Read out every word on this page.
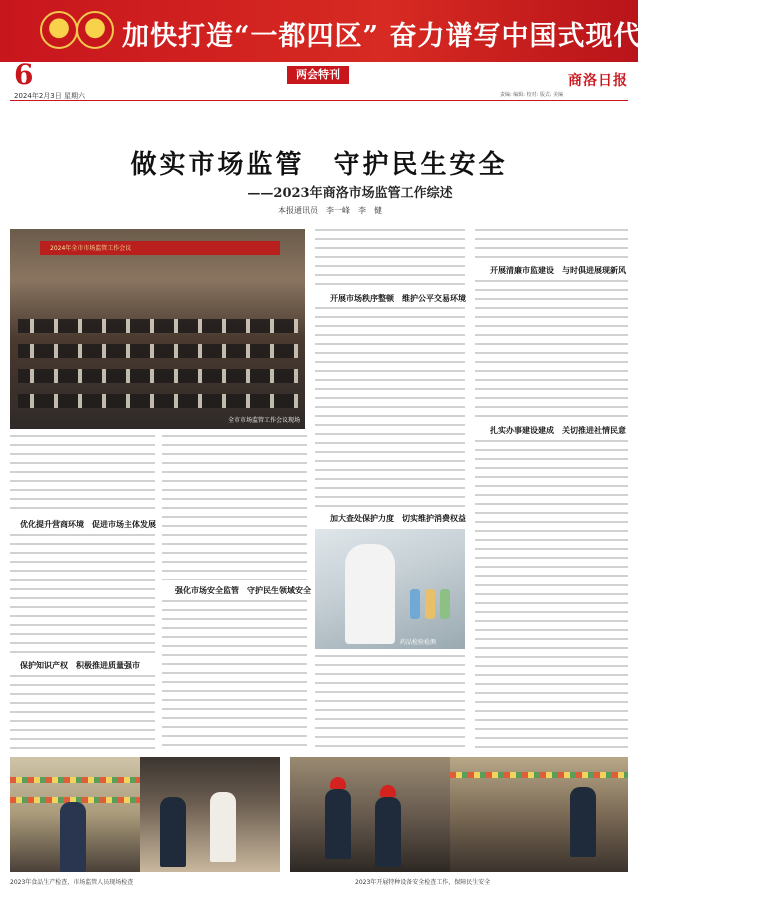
加快打造“一都四区” 奋力谱写中国式现代化商洛篇章
6	两会特刊	商洛日报
2024年2月3日 星期六	责编: 编辑: 校对: 版式: 美编
做实市场监管　守护民生安全
——2023年商洛市场监管工作综述
本报通讯员　李一峰　李　健
2024年全市市场监管工作会议
全市市场监管工作会议现场
开展市场秩序整顿　维护公平交易环境
加大查处保护力度　切实维护消费权益
开展清廉市监建设　与时俱进展现新风
扎实办事建设建成　关切推进社情民意
优化提升营商环境　促进市场主体发展
保护知识产权　积极推进质量强市
强化市场安全监管　守护民生领域安全
药品检验检测
2023年食品生产检查，市场监管人员现场检查	2023年开展特种设备安全检查工作，保障民生安全
